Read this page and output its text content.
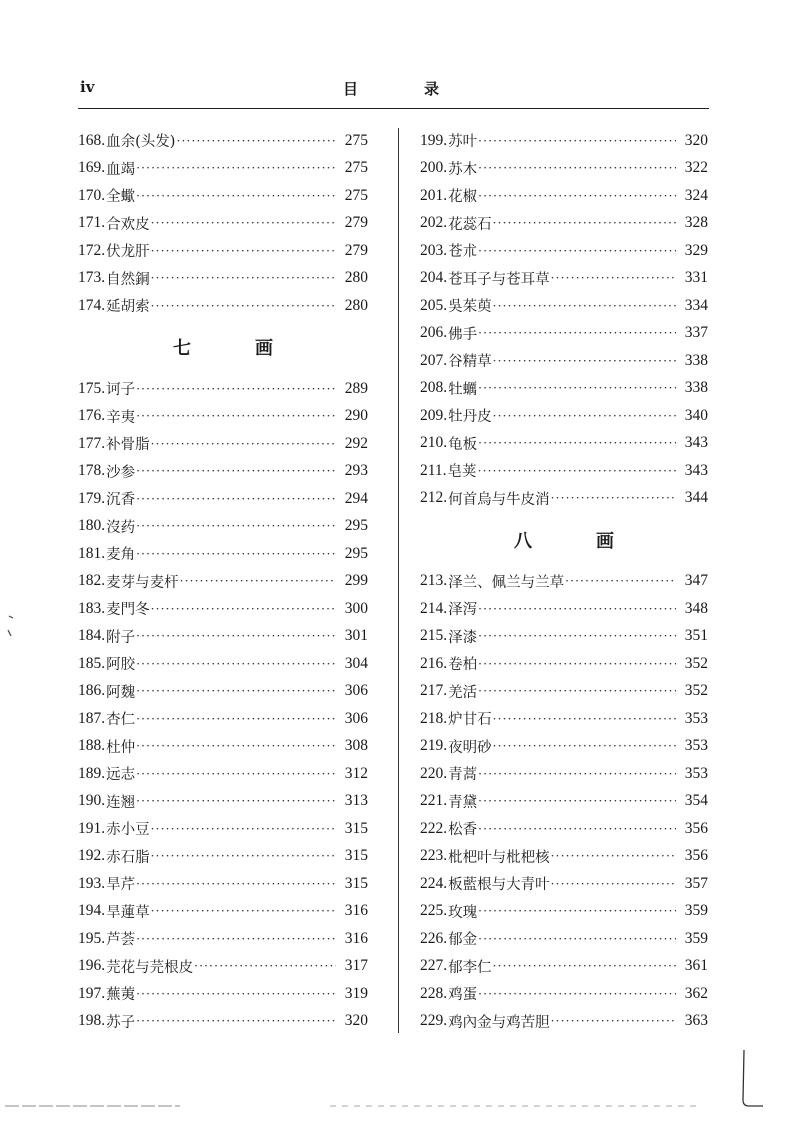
iv	目	录
168. 血余(头发) ·····	275
169. 血竭 ·····	275
170. 全蠍 ·····	275
171. 合欢皮 ·····	279
172. 伏龙肝 ·····	279
173. 自然銅 ·····	280
174. 延胡索 ·····	280
七	画
175. 诃子 ·····	289
176. 辛夷 ·····	290
177. 补骨脂 ·····	292
178. 沙参 ·····	293
179. 沉香 ·····	294
180. 沒药 ·····	295
181. 麦角 ·····	295
182. 麦芽与麦杆 ·····	299
183. 麦門冬 ·····	300
184. 附子 ·····	301
185. 阿胶 ·····	304
186. 阿魏 ·····	306
187. 杏仁 ·····	306
188. 杜仲 ·····	308
189. 远志 ·····	312
190. 连翘 ·····	313
191. 赤小豆 ·····	315
192. 赤石脂 ·····	315
193. 旱芹 ·····	315
194. 旱蓮草 ·····	316
195. 芦荟 ·····	316
196. 芫花与芫根皮 ·····	317
197. 蕪荑 ·····	319
198. 苏子 ·····	320
199. 苏叶 ·····	320
200. 苏木 ·····	322
201. 花椒 ·····	324
202. 花蕊石 ·····	328
203. 苍朮 ·····	329
204. 苍耳子与苍耳草 ·····	331
205. 吳茱萸 ·····	334
206. 佛手 ·····	337
207. 谷精草 ·····	338
208. 牡蠣 ·····	338
209. 牡丹皮 ·····	340
210. 龟板 ·····	343
211. 皂荚 ·····	343
212. 何首烏与牛皮消 ·····	344
八	画
213. 泽兰、佩兰与兰草 ·····	347
214. 泽泻 ·····	348
215. 泽漆 ·····	351
216. 卷柏 ·····	352
217. 羌活 ·····	352
218. 炉甘石 ·····	353
219. 夜明砂 ·····	353
220. 青蒿 ·····	353
221. 青黛 ·····	354
222. 松香 ·····	356
223. 枇杷叶与枇杷核 ·····	356
224. 板藍根与大青叶 ·····	357
225. 玫瑰 ·····	359
226. 郁金 ·····	359
227. 郁李仁 ·····	361
228. 鸡蛋 ·····	362
229. 鸡內金与鸡苦胆 ·····	363
